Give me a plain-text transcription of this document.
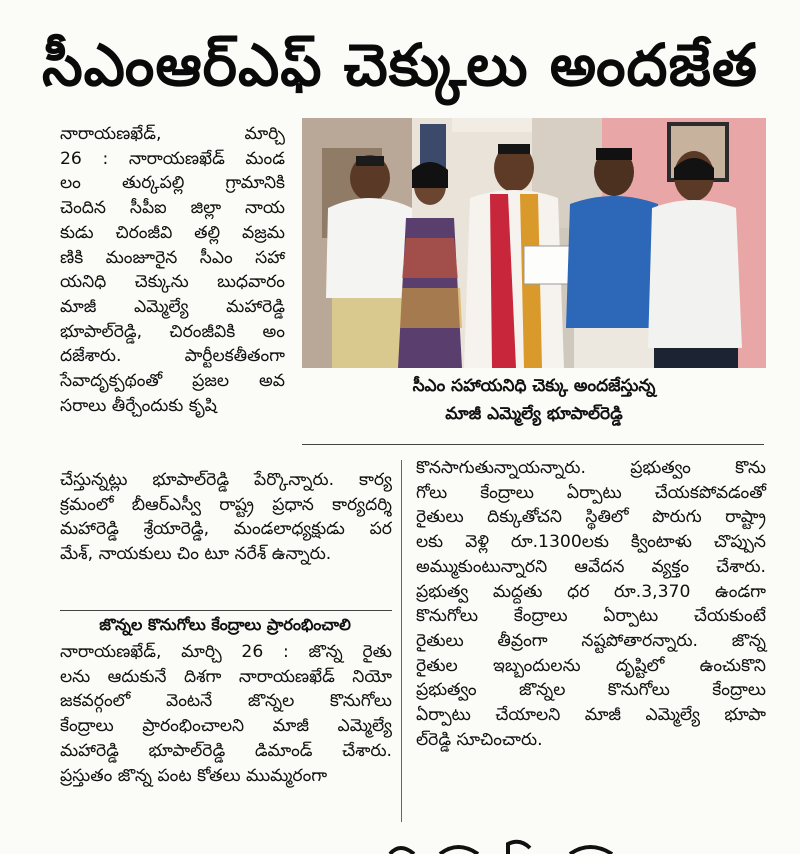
సీఎంఆర్ఎఫ్ చెక్కులు అందజేత
నారాయణఖేడ్, మార్చి
26 : నారాయణఖేడ్ మండ
లం తుర్కపల్లి గ్రామానికి
చెందిన సీపీఐ జిల్లా నాయ
కుడు చిరంజీవి తల్లి వజ్రమ
ణికి మంజూరైన సీఎం సహా
యనిధి చెక్కును బుధవారం
మాజీ ఎమ్మెల్యే మహారెడ్డి
భూపాల్‌రెడ్డి, చిరంజీవికి అం
దజేశారు. పార్టీలకతీతంగా
సేవాదృక్పథంతో ప్రజల అవ
సరాలు తీర్చేందుకు కృషి
చేస్తున్నట్లు భూపాల్‌రెడ్డి పేర్కొన్నారు. కార్య
క్రమంలో బీఆర్‌ఎస్వీ రాష్ట్ర ప్రధాన కార్యదర్శి
మహారెడ్డి శ్రేయారెడ్డి, మండలాధ్యక్షుడు పర
మేశ్, నాయకులు చిం టూ నరేశ్ ఉన్నారు.
జొన్నల కొనుగోలు కేంద్రాలు ప్రారంభించాలి
నారాయణఖేడ్, మార్చి 26 : జొన్న రైతు
లను ఆదుకునే దిశగా నారాయణఖేడ్ నియో
జకవర్గంలో వెంటనే జొన్నల కొనుగోలు
కేంద్రాలు ప్రారంభించాలని మాజీ ఎమ్మెల్యే
మహారెడ్డి భూపాల్‌రెడ్డి డిమాండ్ చేశారు.
ప్రస్తుతం జొన్న పంట కోతలు ముమ్మరంగా
సీఎం సహాయనిధి చెక్కు అందజేస్తున్న
మాజీ ఎమ్మెల్యే భూపాల్‌రెడ్డి
కొనసాగుతున్నాయన్నారు. ప్రభుత్వం కొను
గోలు కేంద్రాలు ఏర్పాటు చేయకపోవడంతో
రైతులు దిక్కుతోచని స్థితిలో పొరుగు రాష్ట్రా
లకు వెళ్లి రూ.1300లకు క్వింటాళు చొప్పున
అమ్ముకుంటున్నారని ఆవేదన వ్యక్తం చేశారు.
ప్రభుత్వ మద్దతు ధర రూ.3,370 ఉండగా
కొనుగోలు కేంద్రాలు ఏర్పాటు చేయకుంటే
రైతులు తీవ్రంగా నష్టపోతారన్నారు. జొన్న
రైతుల ఇబ్బందులను దృష్టిలో ఉంచుకొని
ప్రభుత్వం జొన్నల కొనుగోలు కేంద్రాలు
ఏర్పాటు చేయాలని మాజీ ఎమ్మెల్యే భూపా
ల్‌రెడ్డి సూచించారు.
